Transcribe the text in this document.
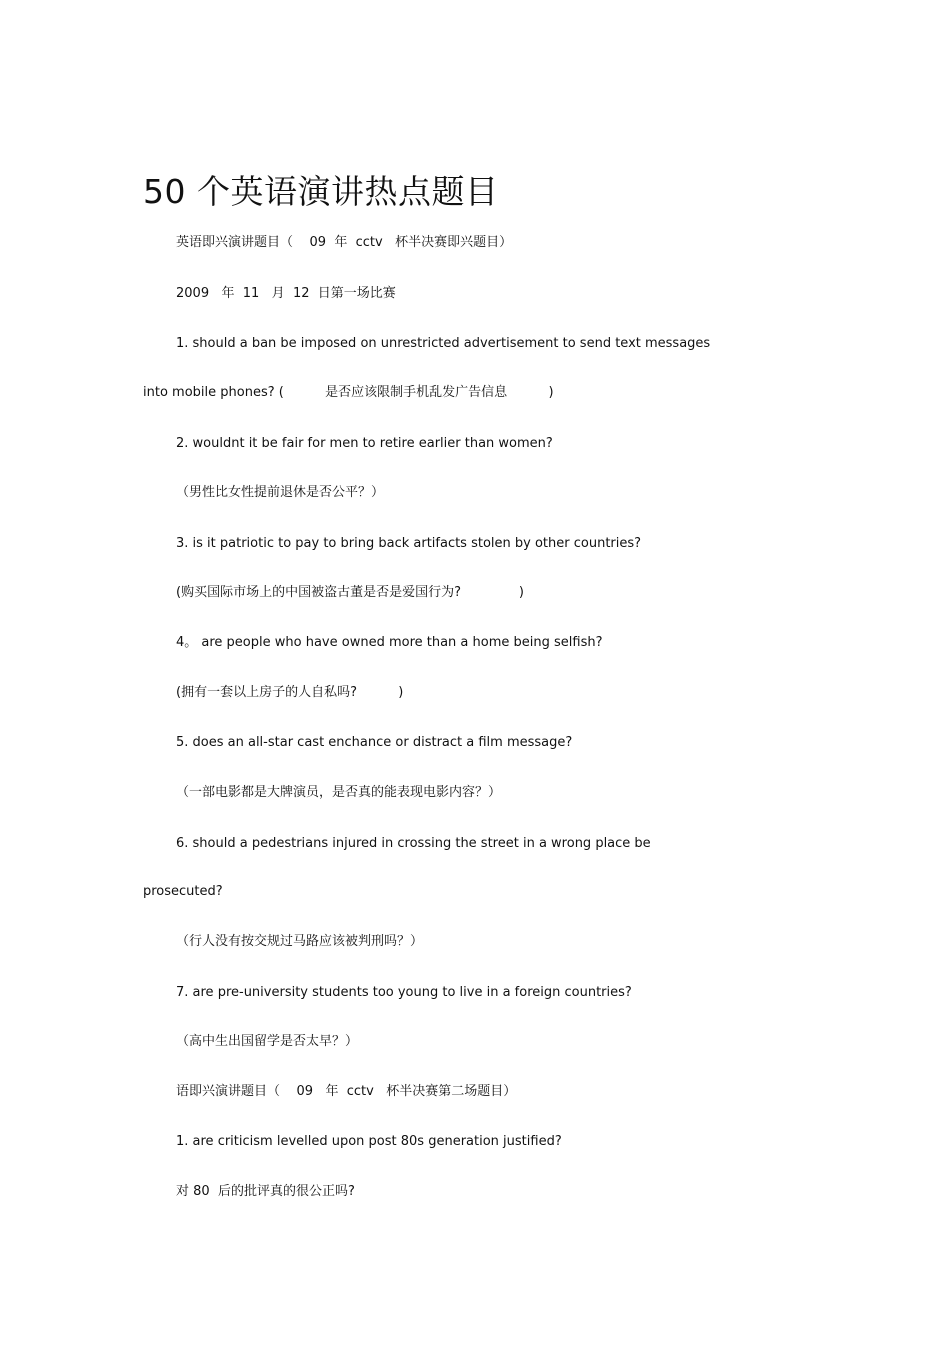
50 个英语演讲热点题目

英语即兴演讲题目（    09  年  cctv   杯半决赛即兴题目）

2009   年  11   月  12  日第一场比赛

1. should a ban be imposed on unrestricted advertisement to send text messages

into mobile phones? (          是否应该限制手机乱发广告信息          )

2. wouldnt it be fair for men to retire earlier than women?

（男性比女性提前退休是否公平？）

3. is it patriotic to pay to bring back artifacts stolen by other countries?

(购买国际市场上的中国被盗古董是否是爱国行为?              )

4。 are people who have owned more than a home being selfish?

(拥有一套以上房子的人自私吗?          )

5. does an all-star cast enchance or distract a film message?

（一部电影都是大牌演员，是否真的能表现电影内容？）

6. should a pedestrians injured in crossing the street in a wrong place be

prosecuted?

（行人没有按交规过马路应该被判刑吗？）

7. are pre-university students too young to live in a foreign countries?

（高中生出国留学是否太早？）

语即兴演讲题目（    09   年  cctv   杯半决赛第二场题目）

1. are criticism levelled upon post 80s generation justified?

对 80  后的批评真的很公正吗?
